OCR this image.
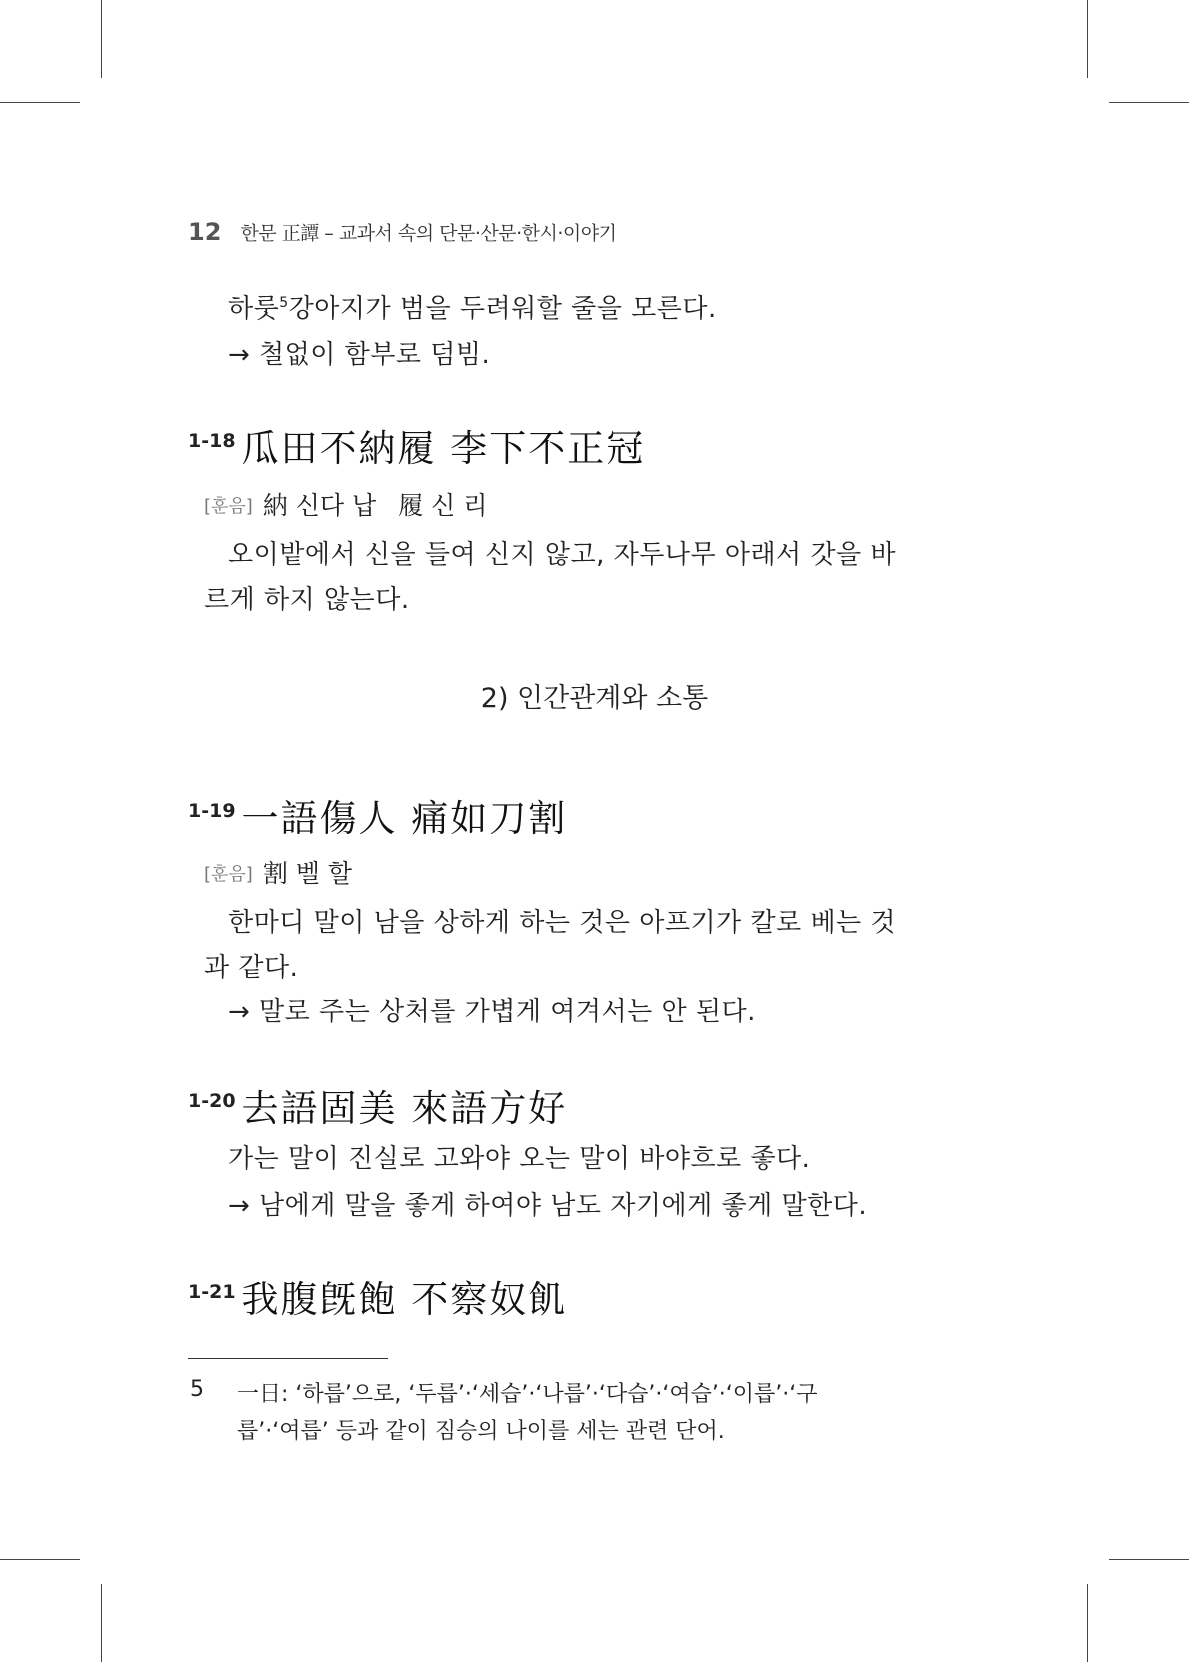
12 한문 正譚 – 교과서 속의 단문·산문·한시·이야기
하룻$^5$강아지가 범을 두려워할 줄을 모른다.
→ 철없이 함부로 덤빔.
1-18 瓜田不納履 李下不正冠
[훈음] 納 신다 납 履 신 리
오이밭에서 신을 들여 신지 않고, 자두나무 아래서 갓을 바
르게 하지 않는다.
2) 인간관계와 소통
1-19 一語傷人 痛如刀割
[훈음] 割 벨 할
한마디 말이 남을 상하게 하는 것은 아프기가 칼로 베는 것
과 같다.
→ 말로 주는 상처를 가볍게 여겨서는 안 된다.
1-20 去語固美 來語方好
가는 말이 진실로 고와야 오는 말이 바야흐로 좋다.
→ 남에게 말을 좋게 하여야 남도 자기에게 좋게 말한다.
1-21 我腹旣飽 不察奴飢
5 一日: ‘하릅’으로, ‘두릅’·‘세습’·‘나릅’·‘다습’·‘여습’·‘이릅’·‘구
릅’·‘여릅’ 등과 같이 짐승의 나이를 세는 관련 단어.
